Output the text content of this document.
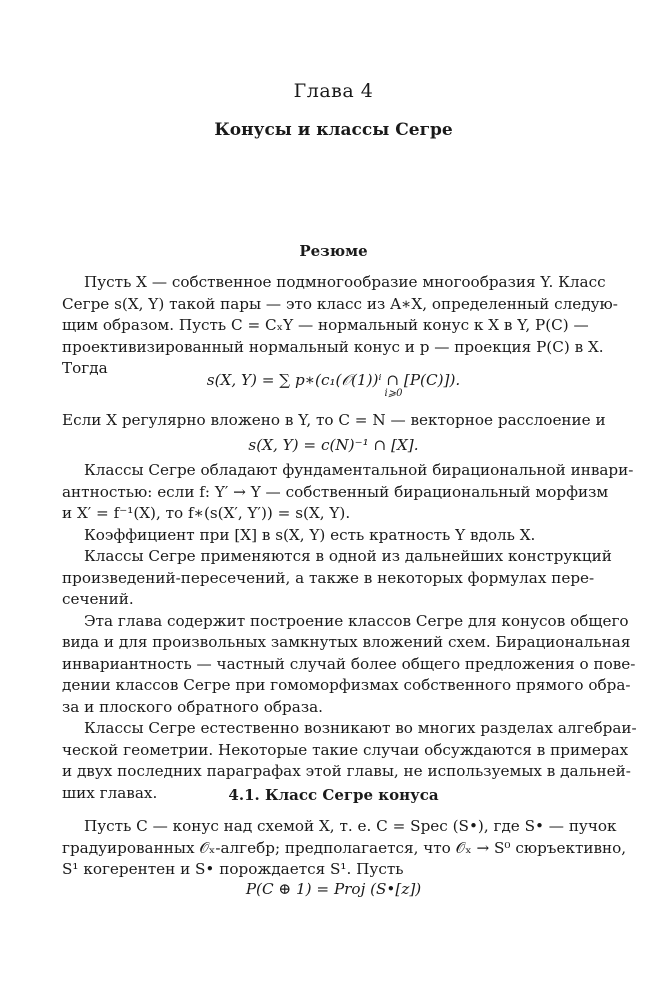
Глава 4
Конусы и классы Сегре
Резюме
Пусть X — собственное подмногообразие многообразия Y. Класс
Сегре s(X, Y) такой пары — это класс из A∗X, определенный следую-
щим образом. Пусть C = CₓY — нормальный конус к X в Y, P(C) —
проективизированный нормальный конус и p — проекция P(C) в X.
Тогда
s(X, Y) = ∑ p∗(c₁(𝒪(1))ⁱ ∩ [P(C)]).
i⩾0
Если X регулярно вложено в Y, то C = N — векторное расслоение и
s(X, Y) = c(N)⁻¹ ∩ [X].
Классы Сегре обладают фундаментальной бирациональной инвари-
антностью: если f: Y′ → Y — собственный бирациональный морфизм
и X′ = f⁻¹(X), то f∗(s(X′, Y′)) = s(X, Y).
Коэффициент при [X] в s(X, Y) есть кратность Y вдоль X.
Классы Сегре применяются в одной из дальнейших конструкций
произведений-пересечений, а также в некоторых формулах пере-
сечений.
Эта глава содержит построение классов Сегре для конусов общего
вида и для произвольных замкнутых вложений схем. Бирациональная
инвариантность — частный случай более общего предложения о пове-
дении классов Сегре при гомоморфизмах собственного прямого обра-
за и плоского обратного образа.
Классы Сегре естественно возникают во многих разделах алгебраи-
ческой геометрии. Некоторые такие случаи обсуждаются в примерах
и двух последних параграфах этой главы, не используемых в дальней-
ших главах.	4.1. Класс Сегре конуса
Пусть C — конус над схемой X, т. е. C = Spec (S•), где S• — пучок
градуированных 𝒪ₓ-алгебр; предполагается, что 𝒪ₓ → S⁰ сюръективно,
S¹ когерентен и S• порождается S¹. Пусть
P(C ⊕ 1) = Proj (S•[z])
